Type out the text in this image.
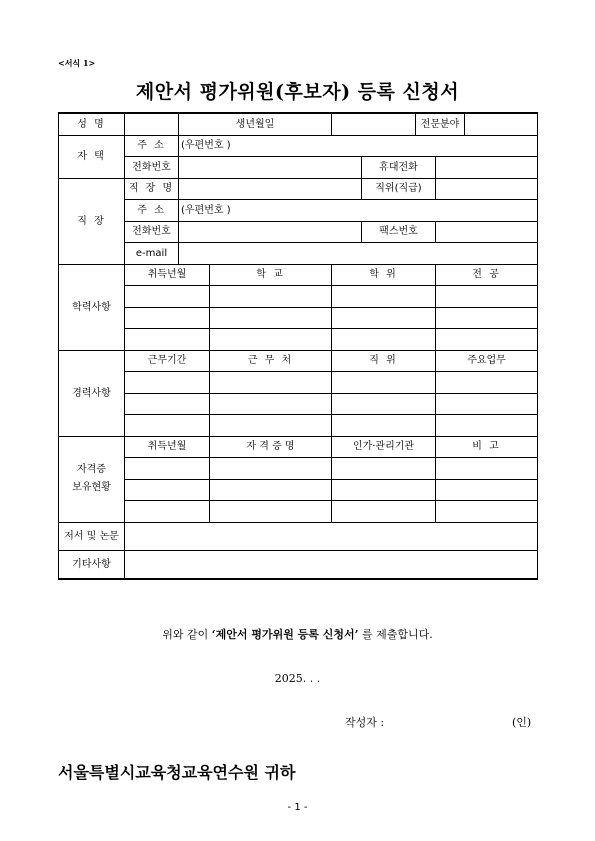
<서식 1>
제안서 평가위원(후보자) 등록 신청서
성 명		생년월일				전문분야		
자 택	주 소	(우편번호 )						
	전화번호				휴대전화			
직 장	직 장 명				직위(직급)			
	주 소	(우편번호 )						
	전화번호				팩스번호			
	e-mail							
학력사항	취득년월		학 교	학 위			전 공	

경력사항	근무기간		근 무 처	직 위			주요업무	

자격증
보유현황	취득년월		자 격 증 명	인가·관리기관			비 고	

저서 및 논문								
기타사항								
위와 같이 ‘제안서 평가위원 등록 신청서’ 를 제출합니다.
2025. . .
작성자 :	(인)
서울특별시교육청교육연수원 귀하
- 1 -
